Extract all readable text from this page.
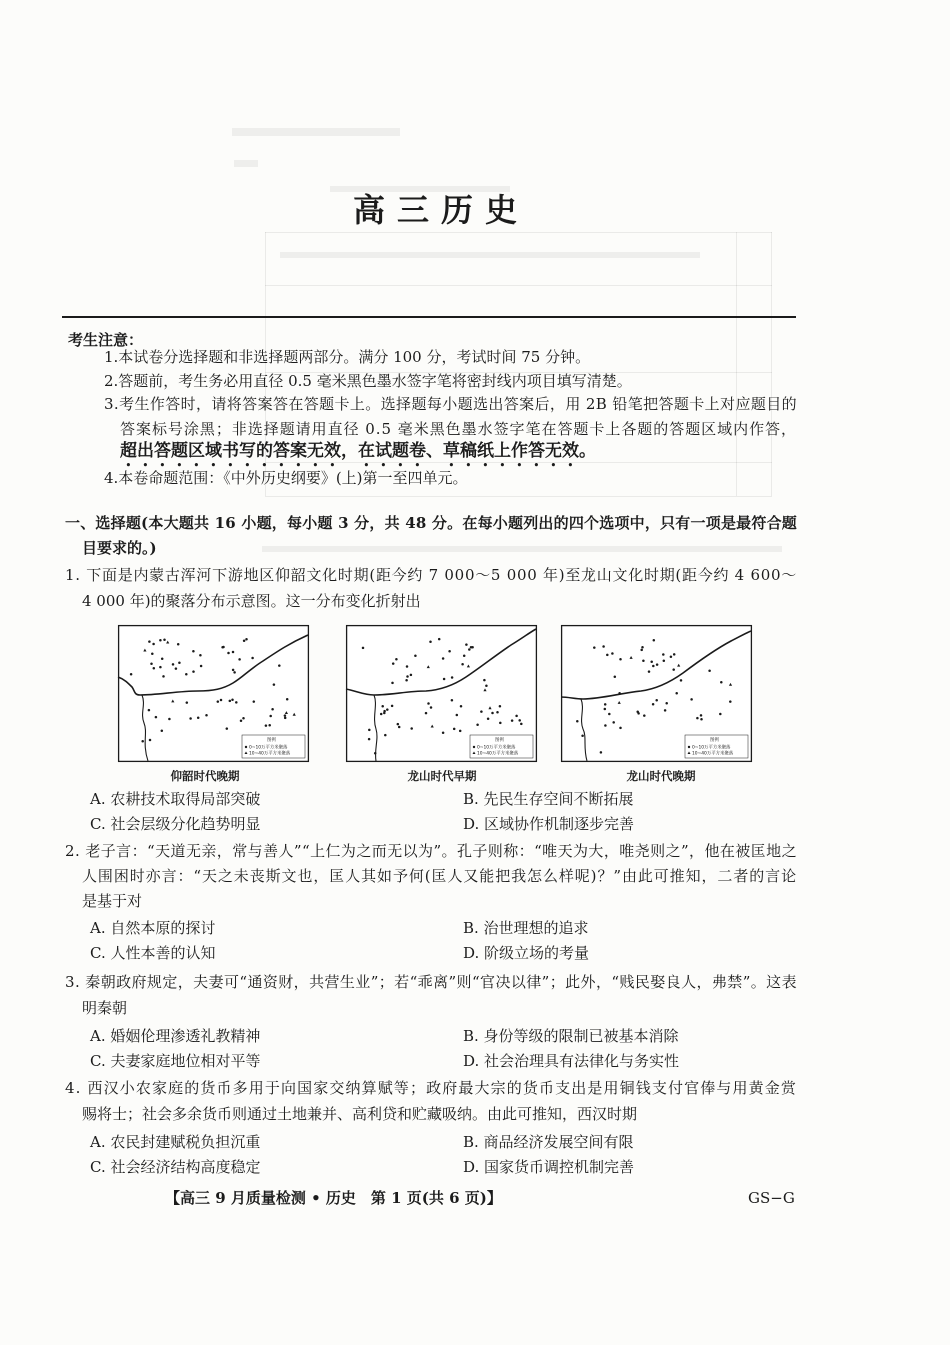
高三历史
考生注意：
1.本试卷分选择题和非选择题两部分。满分 100 分，考试时间 75 分钟。
2.答题前，考生务必用直径 0.5 毫米黑色墨水签字笔将密封线内项目填写清楚。
3.考生作答时，请将答案答在答题卡上。选择题每小题选出答案后，用 2B 铅笔把答题卡上对应题目的
答案标号涂黑；非选择题请用直径 0.5 毫米黑色墨水签字笔在答题卡上各题的答题区域内作答，
超出答题区域书写的答案无效，在试题卷、草稿纸上作答无效。
4.本卷命题范围：《中外历史纲要》(上)第一至四单元。
一、选择题(本大题共 16 小题，每小题 3 分，共 48 分。在每小题列出的四个选项中，只有一项是最符合题
目要求的。)
1. 下面是内蒙古浑河下游地区仰韶文化时期(距今约 7 000～5 000 年)至龙山文化时期(距今约 4 600～
4 000 年)的聚落分布示意图。这一分布变化折射出
图例
0~10万平方米聚落
10~40万平方米聚落
图例
0~10万平方米聚落
10~40万平方米聚落
图例
0~10万平方米聚落
10~40万平方米聚落
仰韶时代晚期	龙山时代早期	龙山时代晚期
A. 农耕技术取得局部突破	B. 先民生存空间不断拓展
C. 社会层级分化趋势明显	D. 区域协作机制逐步完善
2. 老子言：“天道无亲，常与善人”“上仁为之而无以为”。孔子则称：“唯天为大，唯尧则之”，他在被匡地之
人围困时亦言：“天之未丧斯文也，匡人其如予何(匡人又能把我怎么样呢)？”由此可推知，二者的言论
是基于对
A. 自然本原的探讨	B. 治世理想的追求
C. 人性本善的认知	D. 阶级立场的考量
3. 秦朝政府规定，夫妻可“通资财，共营生业”；若“乖离”则“官决以律”；此外，“贱民娶良人，弗禁”。这表
明秦朝
A. 婚姻伦理渗透礼教精神	B. 身份等级的限制已被基本消除
C. 夫妻家庭地位相对平等	D. 社会治理具有法律化与务实性
4. 西汉小农家庭的货币多用于向国家交纳算赋等；政府最大宗的货币支出是用铜钱支付官俸与用黄金赏
赐将士；社会多余货币则通过土地兼并、高利贷和贮藏吸纳。由此可推知，西汉时期
A. 农民封建赋税负担沉重	B. 商品经济发展空间有限
C. 社会经济结构高度稳定	D. 国家货币调控机制完善
【高三 9 月质量检测 • 历史　第 1 页(共 6 页)】	GS−G
